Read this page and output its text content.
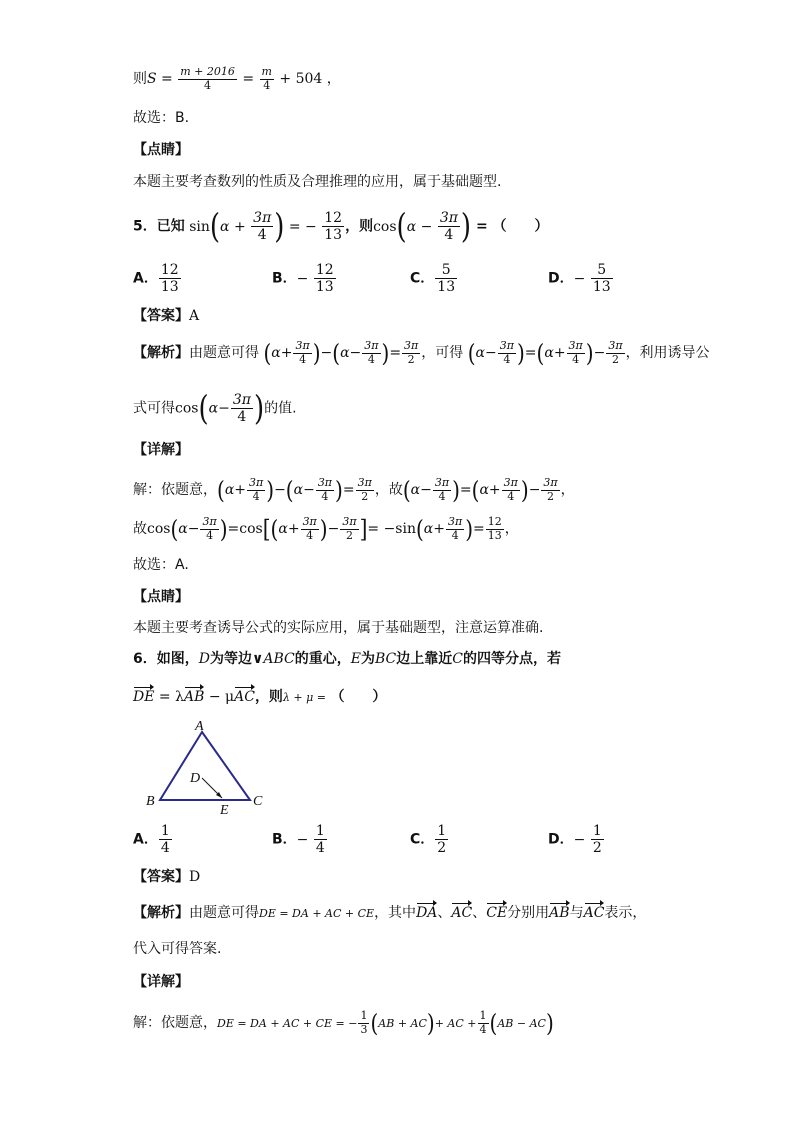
则$S = \frac{m + 2016}{4} = \frac{m}{4} + 504$ ，
故选：B.
【点睛】
本题主要考查数列的性质及合理推理的应用，属于基础题型.
5．已知 $\sin(\alpha + \frac{3\pi}{4}$ ) = − $\frac{12}{13}$ ，则$\cos(\alpha - \frac{3\pi}{4}$ ) = （　　）
A． $\frac{12}{13}$	B．− $\frac{12}{13}$	C． $\frac{5}{13}$	D．− $\frac{5}{13}$
【答案】A
【解析】由题意可得 $(\alpha+ \frac{3\pi}{4} )-(\alpha- \frac{3\pi}{4}$ )= $\frac{3\pi}{2}$ ，可得 $(\alpha- \frac{3\pi}{4} )=(\alpha+ \frac{3\pi}{4}$ )− $\frac{3\pi}{2}$ ，利用诱导公
式可得$\cos(\alpha- \frac{3\pi}{4}$ )的值.
【详解】
解：依题意，$(\alpha+ \frac{3\pi}{4} )-(\alpha- \frac{3\pi}{4}$ )= $\frac{3\pi}{2}$ ，故$(\alpha- \frac{3\pi}{4} )=(\alpha+ \frac{3\pi}{4}$ )− $\frac{3\pi}{2}$ ，
故$\cos(\alpha- \frac{3\pi}{4} )=\cos[(\alpha+ \frac{3\pi}{4}$ )− $\frac{3\pi}{2}$ ]= $-\sin(\alpha+ \frac{3\pi}{4}$ )= $\frac{12}{13}$ ，
故选：A.
【点睛】
本题主要考查诱导公式的实际应用，属于基础题型，注意运算准确.
6．如图，D为等边∨ABC的重心，E为BC边上靠近C的四等分点，若
DE = λAB − μAC，则λ + μ = （　　）
A
B	C
D
E
A． $\frac{1}{4}$	B．− $\frac{1}{4}$	C． $\frac{1}{2}$	D．− $\frac{1}{2}$
【答案】D
【解析】由题意可得DE = DA + AC + CE，其中DA、AC、CE分别用AB与AC表示，
代入可得答案.
【详解】
解：依题意，DE = DA + AC + CE = − $\frac{1}{3} (AB + AC)+$ AC + $\frac{1}{4} (AB - AC)$
